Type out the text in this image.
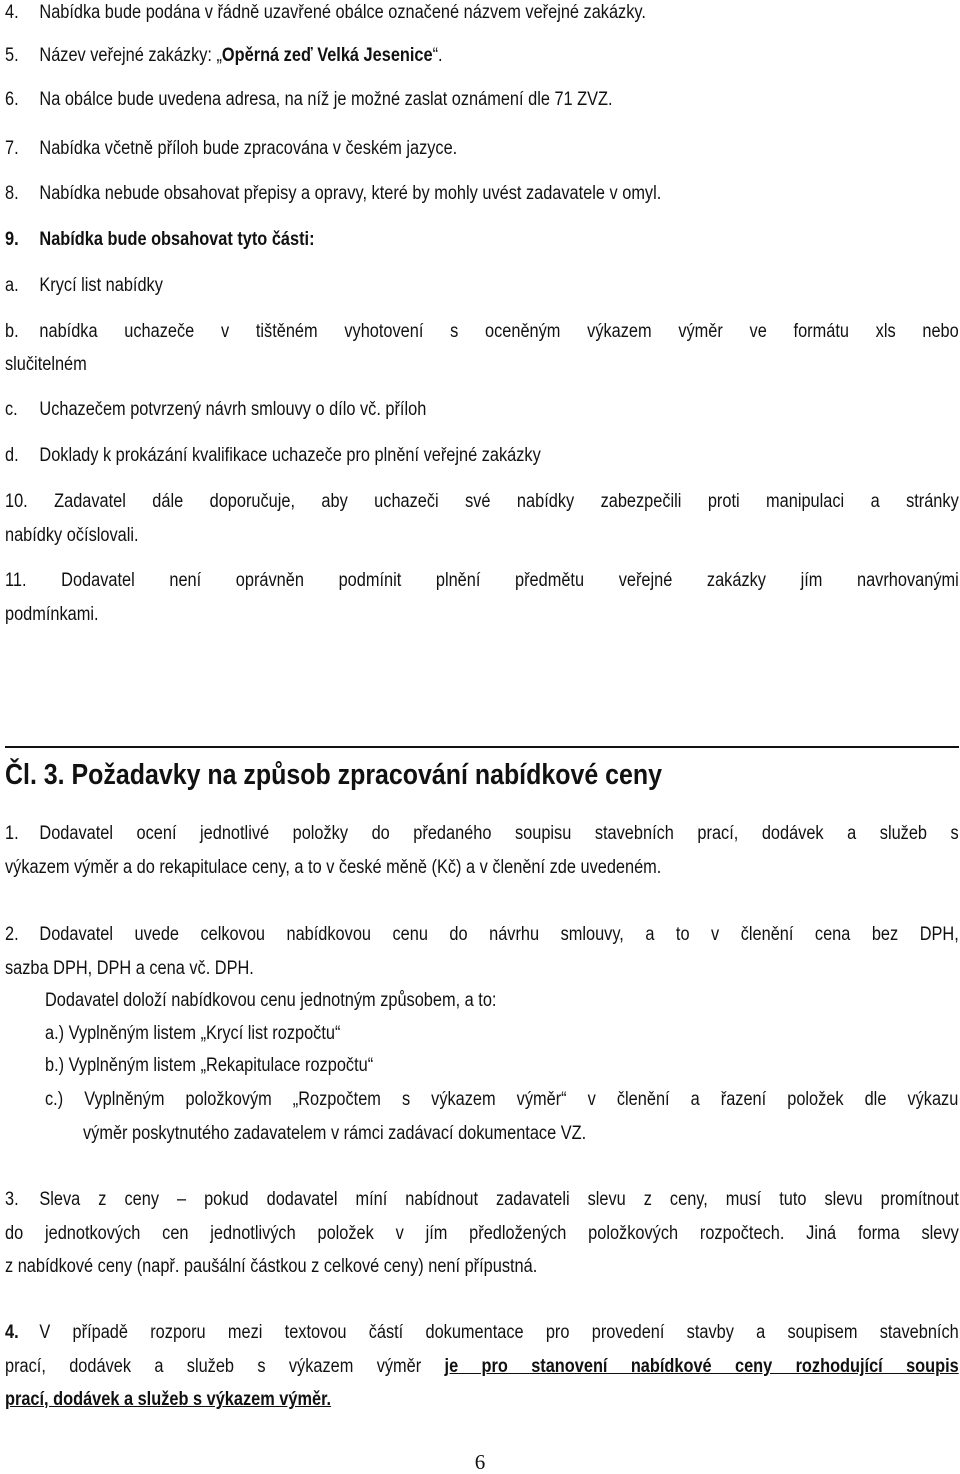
4. Nabídka bude podána v řádně uzavřené obálce označené názvem veřejné zakázky.
5. Název veřejné zakázky: „Opěrná zeď Velká Jesenice“.
6. Na obálce bude uvedena adresa, na níž je možné zaslat oznámení dle 71 ZVZ.
7. Nabídka včetně příloh bude zpracována v českém jazyce.
8. Nabídka nebude obsahovat přepisy a opravy, které by mohly uvést zadavatele v omyl.
9. Nabídka bude obsahovat tyto části:
a. Krycí list nabídky
b. nabídka uchazeče v tištěném vyhotovení s oceněným výkazem výměr ve formátu xls nebo
slučitelném
c. Uchazečem potvrzený návrh smlouvy o dílo vč. příloh
d. Doklady k prokázání kvalifikace uchazeče pro plnění veřejné zakázky
10. Zadavatel dále doporučuje, aby uchazeči své nabídky zabezpečili proti manipulaci a stránky
nabídky očíslovali.
11. Dodavatel není oprávněn podmínit plnění předmětu veřejné zakázky jím navrhovanými
podmínkami.
Čl. 3. Požadavky na způsob zpracování nabídkové ceny
1. Dodavatel ocení jednotlivé položky do předaného soupisu stavebních prací, dodávek a služeb s
výkazem výměr a do rekapitulace ceny, a to v české měně (Kč) a v členění zde uvedeném.
2. Dodavatel uvede celkovou nabídkovou cenu do návrhu smlouvy, a to v členění cena bez DPH,
sazba DPH, DPH a cena vč. DPH.
Dodavatel doloží nabídkovou cenu jednotným způsobem, a to:
a.) Vyplněným listem „Krycí list rozpočtu“
b.) Vyplněným listem „Rekapitulace rozpočtu“
c.) Vyplněným položkovým „Rozpočtem s výkazem výměr“ v členění a řazení položek dle výkazu
výměr poskytnutého zadavatelem v rámci zadávací dokumentace VZ.
3. Sleva z ceny – pokud dodavatel míní nabídnout zadavateli slevu z ceny, musí tuto slevu promítnout
do jednotkových cen jednotlivých položek v jím předložených položkových rozpočtech. Jiná forma slevy
z nabídkové ceny (např. paušální částkou z celkové ceny) není přípustná.
4. V případě rozporu mezi textovou částí dokumentace pro provedení stavby a soupisem stavebních
prací, dodávek a služeb s výkazem výměr je pro stanovení nabídkové ceny rozhodující soupis
prací, dodávek a služeb s výkazem výměr.
6
